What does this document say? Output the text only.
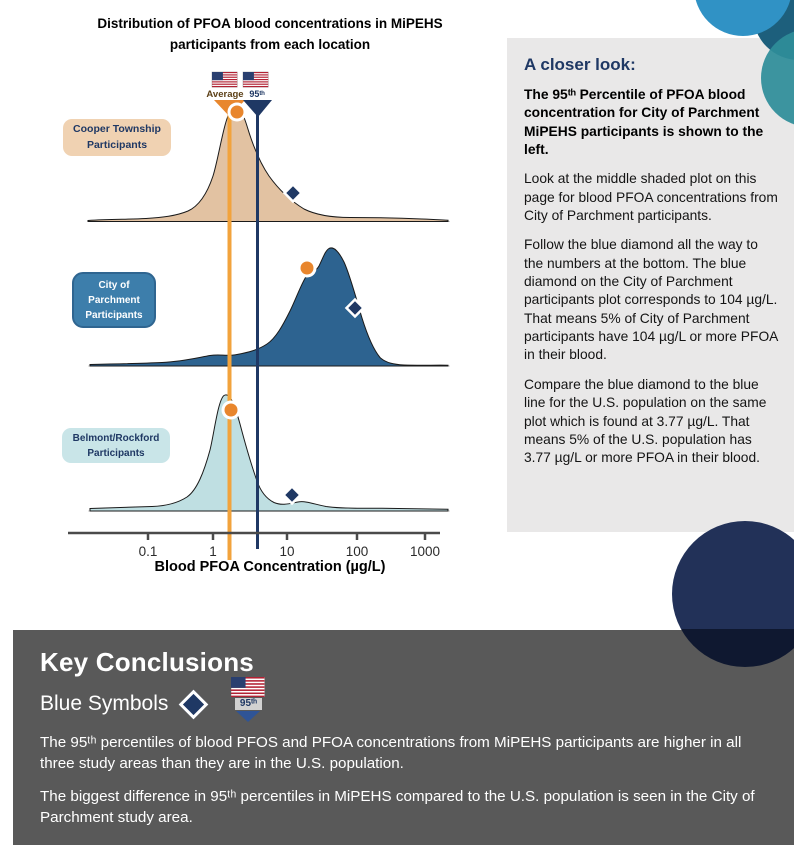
Distribution of PFOA blood concentrations in MiPEHS
participants from each location
Average 95ᵗʰ
0.1	1	10	100	1000
Cooper Township
Participants
City of
Parchment
Participants
Belmont/Rockford
Participants
Blood PFOA Concentration (µg/L)
A closer look:

The 95ᵗʰ Percentile of PFOA blood concentration for City of Parchment MiPEHS participants is shown to the left.

Look at the middle shaded plot on this page for blood PFOA concentrations from City of Parchment participants.

Follow the blue diamond all the way to the numbers at the bottom. The blue diamond on the City of Parchment participants plot corresponds to 104 µg/L. That means 5% of City of Parchment participants have 104 µg/L or more PFOA in their blood.

Compare the blue diamond to the blue line for the U.S. population on the same plot which is found at 3.77 µg/L. That means 5% of the U.S. population has 3.77 µg/L or more PFOA in their blood.

Key Conclusions
Blue Symbols	95ᵗʰ

The 95ᵗʰ percentiles of blood PFOS and PFOA concentrations from MiPEHS participants are higher in all three study areas than they are in the U.S. population.

The biggest difference in 95ᵗʰ percentiles in MiPEHS compared to the U.S. population is seen in the City of Parchment study area.
